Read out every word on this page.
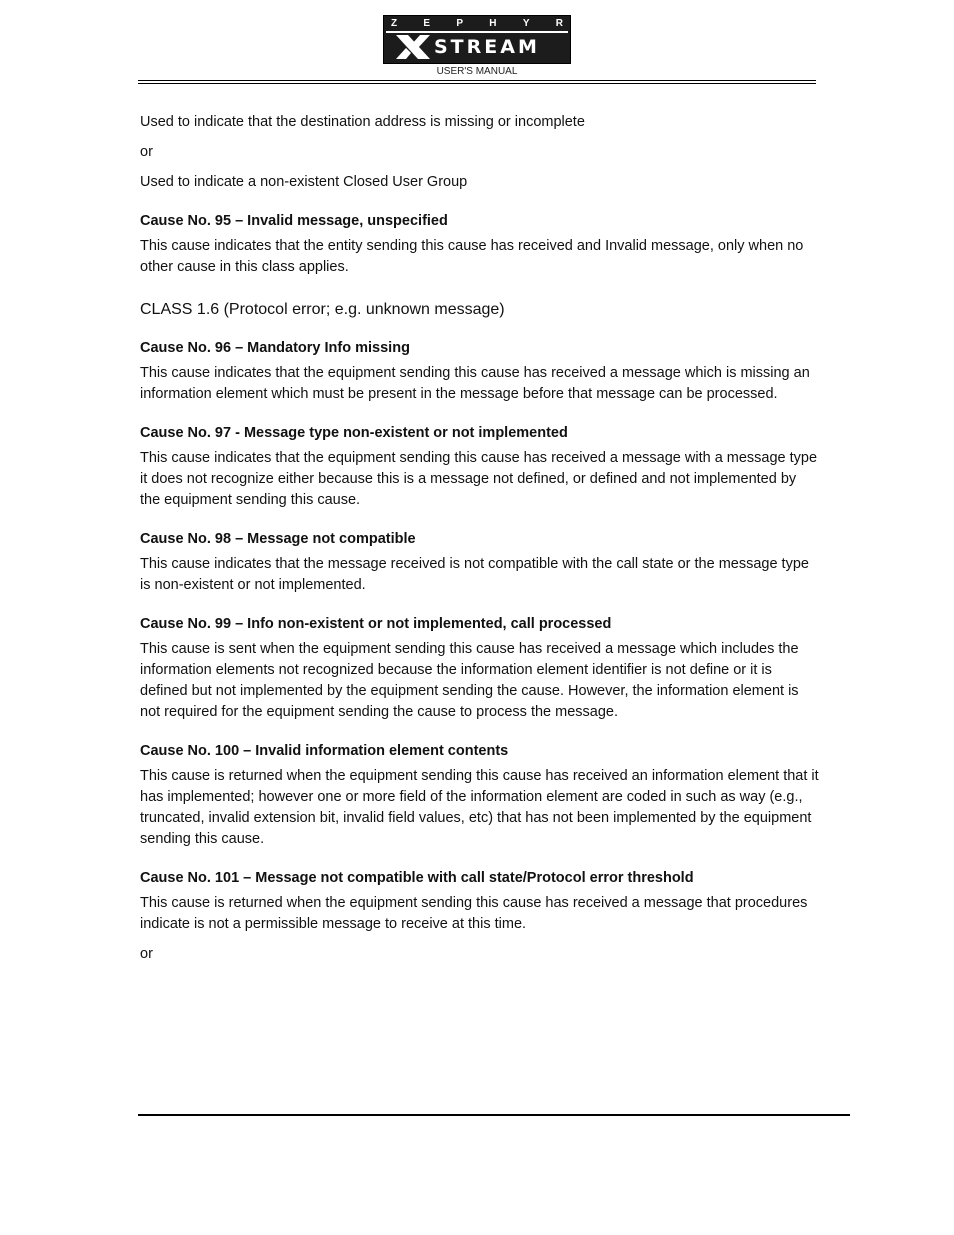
Z	E	P	H	Y	R
STREAM
USER'S MANUAL

Used to indicate that the destination address is missing or incomplete

or

Used to indicate a non-existent Closed User Group

Cause No. 95 – Invalid message, unspecified

This cause indicates that the entity sending this cause has received and Invalid message, only when no other cause in this class applies.

CLASS 1.6 (Protocol error; e.g. unknown message)

Cause No. 96 – Mandatory Info missing

This cause indicates that the equipment sending this cause has received a message which is missing an information element which must be present in the message before that message can be processed.

Cause No. 97 - Message type non-existent or not implemented

This cause indicates that the equipment sending this cause has received a message with a message type it does not recognize either because this is a message not defined, or defined and not implemented by the equipment sending this cause.

Cause No. 98 – Message not compatible

This cause indicates that the message received is not compatible with the call state or the message type is non-existent or not implemented.

Cause No. 99 – Info non-existent or not implemented, call processed

This cause is sent when the equipment sending this cause has received a message which includes the information elements not recognized because the information element identifier is not define or it is defined but not implemented by the equipment sending the cause. However, the information element is not required for the equipment sending the cause to process the message.

Cause No. 100 – Invalid information element contents

This cause is returned when the equipment sending this cause has received an information element that it has implemented; however one or more field of the information element are coded in such as way (e.g., truncated, invalid extension bit, invalid field values, etc) that has not been implemented by the equipment sending this cause.

Cause No. 101 – Message not compatible with call state/Protocol error threshold

This cause is returned when the equipment sending this cause has received a message that procedures indicate is not a permissible message to receive at this time.

or
